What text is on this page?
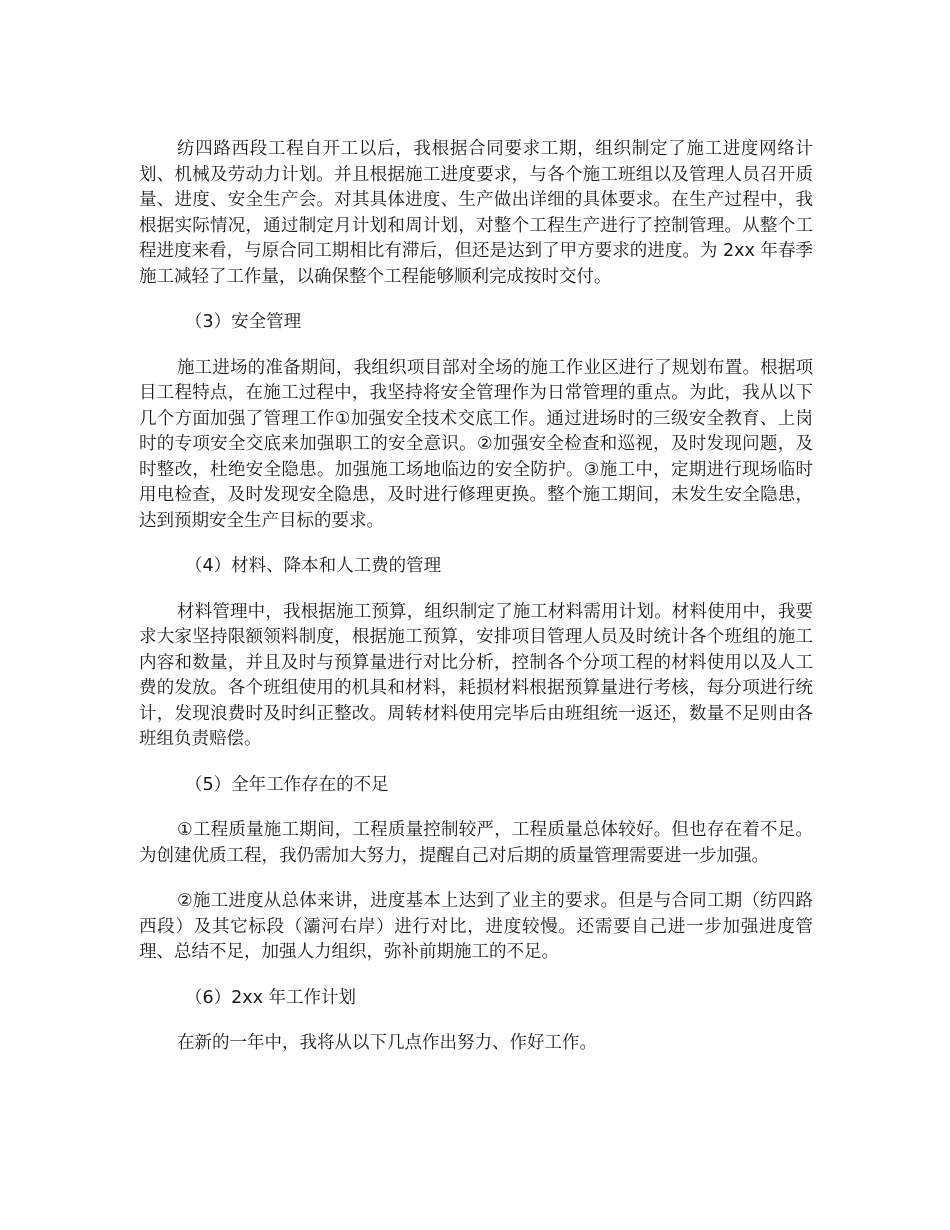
纺四路西段工程自开工以后，我根据合同要求工期，组织制定了施工进度网络计划、机械及劳动力计划。并且根据施工进度要求，与各个施工班组以及管理人员召开质量、进度、安全生产会。对其具体进度、生产做出详细的具体要求。在生产过程中，我根据实际情况，通过制定月计划和周计划，对整个工程生产进行了控制管理。从整个工程进度来看，与原合同工期相比有滞后，但还是达到了甲方要求的进度。为 2xx 年春季施工减轻了工作量，以确保整个工程能够顺利完成按时交付。

（3）安全管理

施工进场的准备期间，我组织项目部对全场的施工作业区进行了规划布置。根据项目工程特点，在施工过程中，我坚持将安全管理作为日常管理的重点。为此，我从以下几个方面加强了管理工作①加强安全技术交底工作。通过进场时的三级安全教育、上岗时的专项安全交底来加强职工的安全意识。②加强安全检查和巡视，及时发现问题，及时整改，杜绝安全隐患。加强施工场地临边的安全防护。③施工中，定期进行现场临时用电检查，及时发现安全隐患，及时进行修理更换。整个施工期间，未发生安全隐患，达到预期安全生产目标的要求。

（4）材料、降本和人工费的管理

材料管理中，我根据施工预算，组织制定了施工材料需用计划。材料使用中，我要求大家坚持限额领料制度，根据施工预算，安排项目管理人员及时统计各个班组的施工内容和数量，并且及时与预算量进行对比分析，控制各个分项工程的材料使用以及人工费的发放。各个班组使用的机具和材料，耗损材料根据预算量进行考核，每分项进行统计，发现浪费时及时纠正整改。周转材料使用完毕后由班组统一返还，数量不足则由各班组负责赔偿。

（5）全年工作存在的不足

①工程质量施工期间，工程质量控制较严，工程质量总体较好。但也存在着不足。为创建优质工程，我仍需加大努力，提醒自己对后期的质量管理需要进一步加强。

②施工进度从总体来讲，进度基本上达到了业主的要求。但是与合同工期（纺四路西段）及其它标段（灞河右岸）进行对比，进度较慢。还需要自己进一步加强进度管理、总结不足，加强人力组织，弥补前期施工的不足。

（6）2xx 年工作计划

在新的一年中，我将从以下几点作出努力、作好工作。
